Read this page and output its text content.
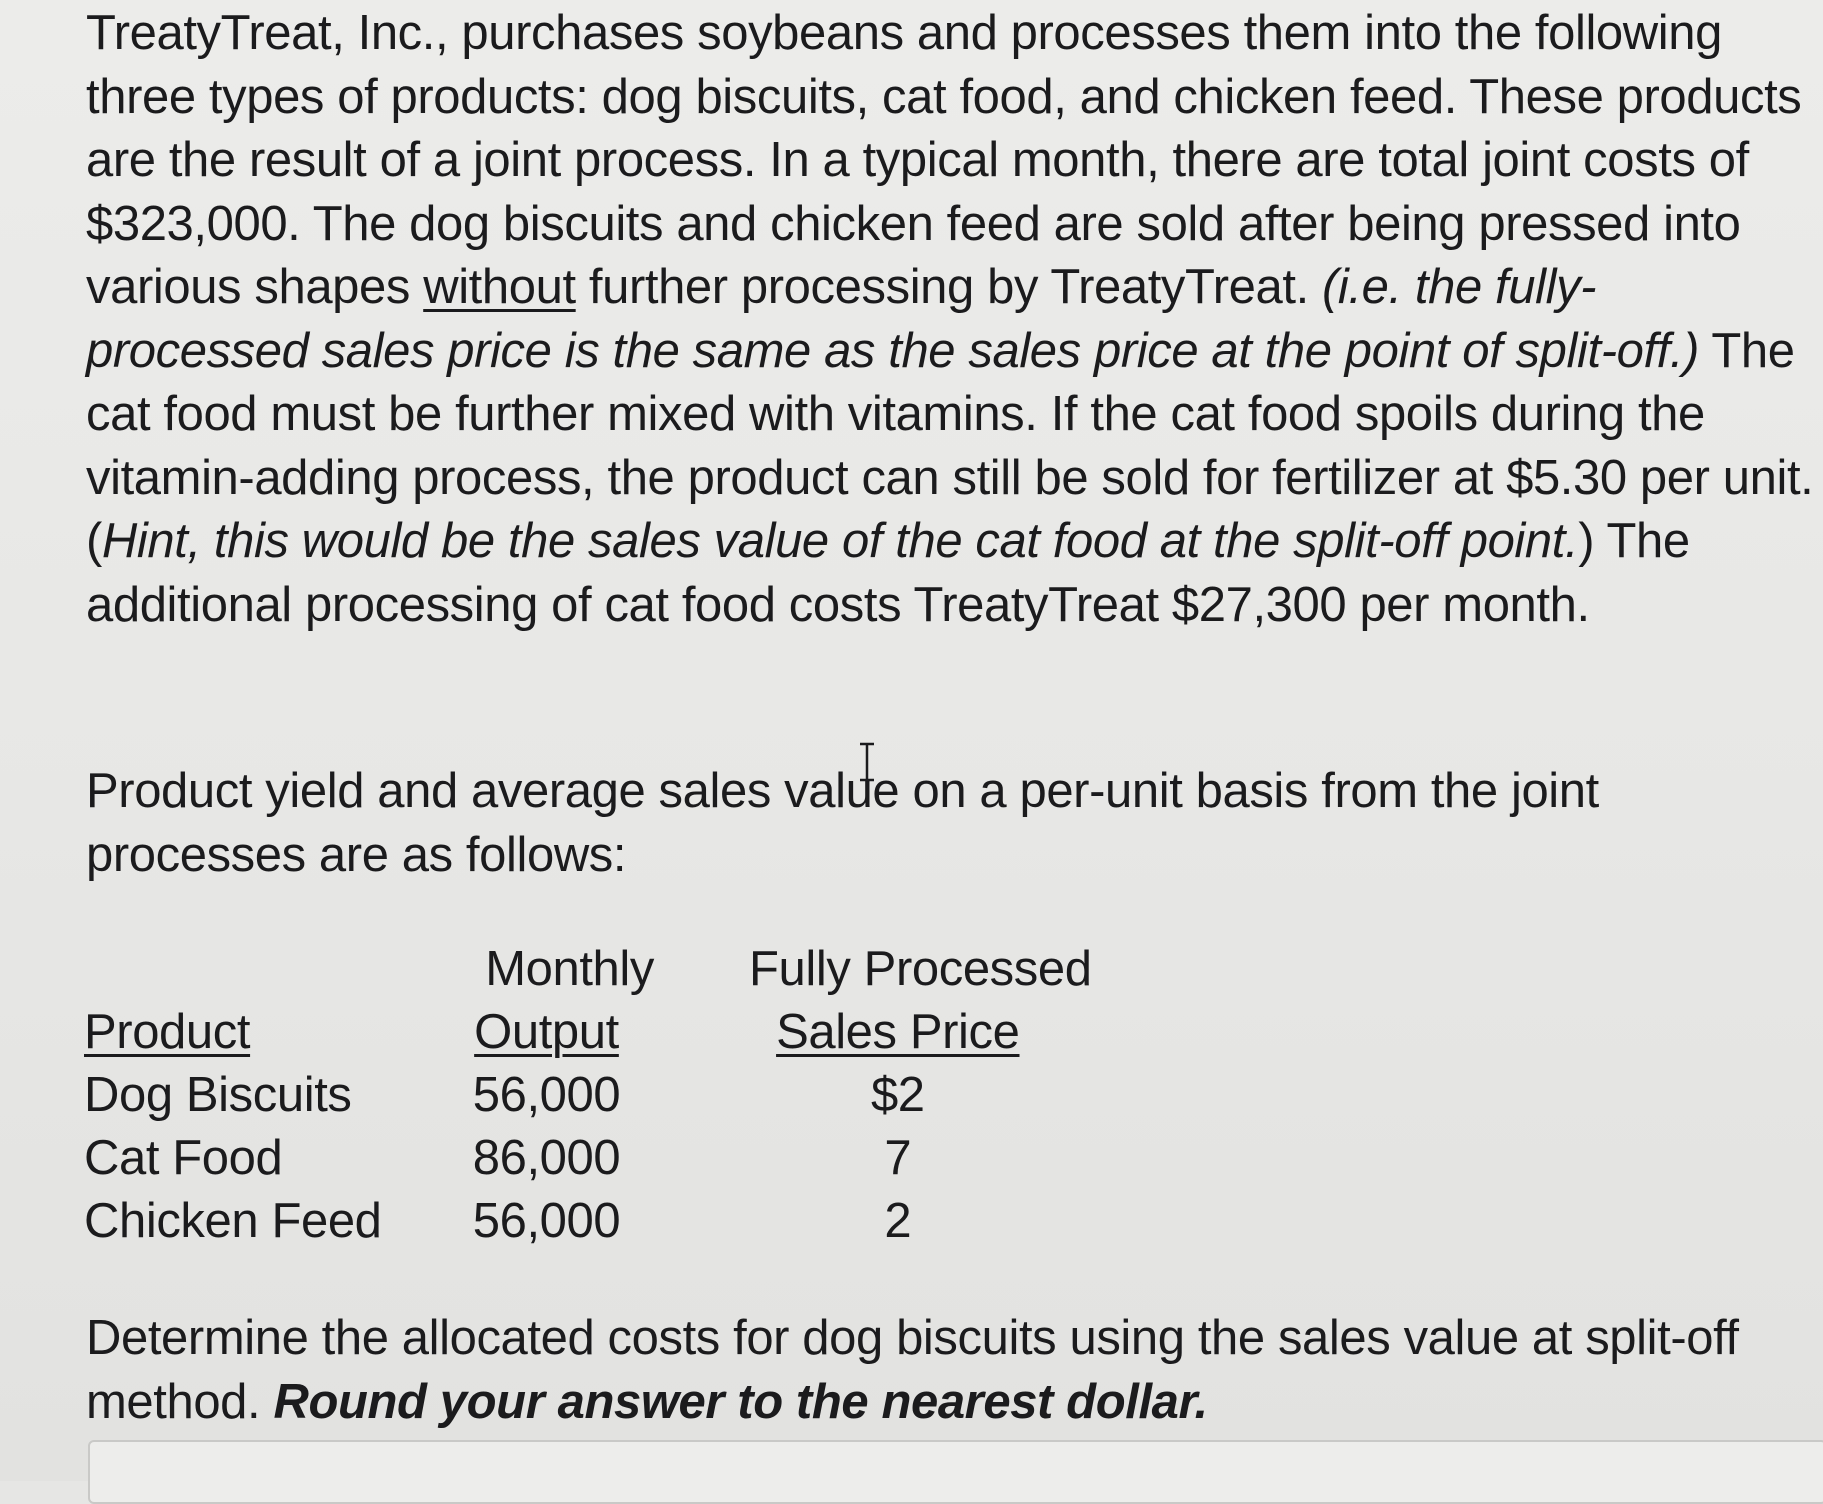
TreatyTreat, Inc., purchases soybeans and processes them into the following three types of products: dog biscuits, cat food, and chicken feed. These products are the result of a joint process. In a typical month, there are total joint costs of $323,000. The dog biscuits and chicken feed are sold after being pressed into various shapes without further processing by TreatyTreat. (i.e. the fully-processed sales price is the same as the sales price at the point of split-off.) The cat food must be further mixed with vitamins. If the cat food spoils during the vitamin-adding process, the product can still be sold for fertilizer at $5.30 per unit. (Hint, this would be the sales value of the cat food at the split-off point.) The additional processing of cat food costs TreatyTreat $27,300 per month.

Product yield and average sales value on a per-unit basis from the joint processes are as follows:

	Monthly	Fully Processed
Product	Output	Sales Price
Dog Biscuits	56,000	$2
Cat Food	86,000	7
Chicken Feed	56,000	2

Determine the allocated costs for dog biscuits using the sales value at split-off method. Round your answer to the nearest dollar.
